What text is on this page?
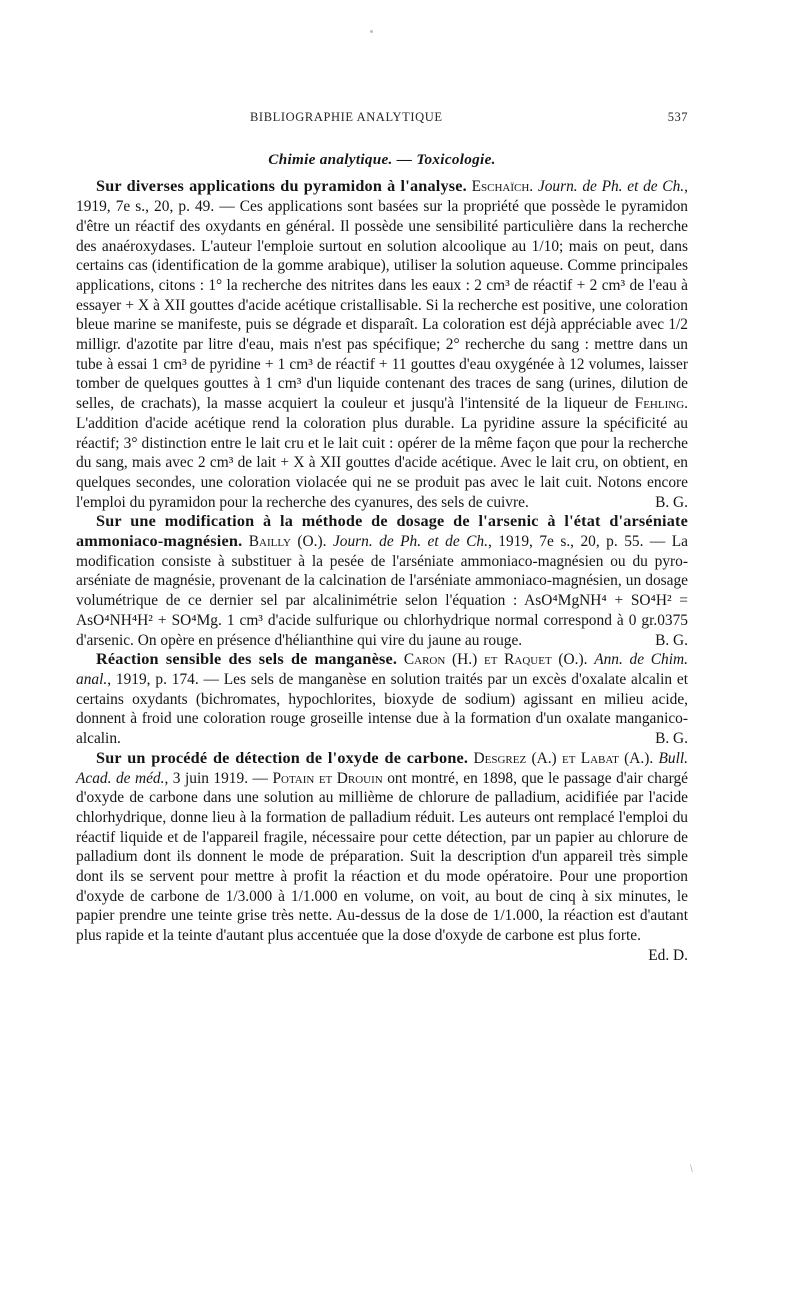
BIBLIOGRAPHIE ANALYTIQUE	537
Chimie analytique. — Toxicologie.

Sur diverses applications du pyramidon à l'analyse. Eschaïch. Journ. de Ph. et de Ch., 1919, 7e s., 20, p. 49. — Ces applications sont basées sur la propriété que possède le pyramidon d'être un réactif des oxydants en général. Il possède une sensibilité particulière dans la recherche des anaéroxydases. L'auteur l'emploie surtout en solution alcoolique au 1/10; mais on peut, dans certains cas (identification de la gomme arabique), utiliser la solution aqueuse. Comme principales applications, citons : 1° la recherche des nitrites dans les eaux : 2 cm³ de réactif + 2 cm³ de l'eau à essayer + X à XII gouttes d'acide acétique cristallisable. Si la recherche est positive, une coloration bleue marine se manifeste, puis se dégrade et disparaît. La coloration est déjà appréciable avec 1/2 milligr. d'azotite par litre d'eau, mais n'est pas spécifique; 2° recherche du sang : mettre dans un tube à essai 1 cm³ de pyridine + 1 cm³ de réactif + 11 gouttes d'eau oxygénée à 12 volumes, laisser tomber de quelques gouttes à 1 cm³ d'un liquide contenant des traces de sang (urines, dilution de selles, de crachats), la masse acquiert la couleur et jusqu'à l'intensité de la liqueur de Fehling. L'addition d'acide acétique rend la coloration plus durable. La pyridine assure la spécificité au réactif; 3° distinction entre le lait cru et le lait cuit : opérer de la même façon que pour la recherche du sang, mais avec 2 cm³ de lait + X à XII gouttes d'acide acétique. Avec le lait cru, on obtient, en quelques secondes, une coloration violacée qui ne se produit pas avec le lait cuit. Notons encore l'emploi du pyramidon pour la recherche des cyanures, des sels de cuivre.	B. G.

Sur une modification à la méthode de dosage de l'arsenic à l'état d'arséniate ammoniaco-magnésien. Bailly (O.). Journ. de Ph. et de Ch., 1919, 7e s., 20, p. 55. — La modification consiste à substituer à la pesée de l'arséniate ammoniaco-magnésien ou du pyro-arséniate de magnésie, provenant de la calcination de l'arséniate ammoniaco-magnésien, un dosage volumétrique de ce dernier sel par alcalinimétrie selon l'équation : AsO⁴MgNH⁴ + SO⁴H² = AsO⁴NH⁴H² + SO⁴Mg. 1 cm³ d'acide sulfurique ou chlorhydrique normal correspond à 0 gr.0375 d'arsenic. On opère en présence d'hélianthine qui vire du jaune au rouge.	B. G.

Réaction sensible des sels de manganèse. Caron (H.) et Raquet (O.). Ann. de Chim. anal., 1919, p. 174. — Les sels de manganèse en solution traités par un excès d'oxalate alcalin et certains oxydants (bichromates, hypochlorites, bioxyde de sodium) agissant en milieu acide, donnent à froid une coloration rouge groseille intense due à la formation d'un oxalate manganico-alcalin.	B. G.

Sur un procédé de détection de l'oxyde de carbone. Desgrez (A.) et Labat (A.). Bull. Acad. de méd., 3 juin 1919. — Potain et Drouin ont montré, en 1898, que le passage d'air chargé d'oxyde de carbone dans une solution au millième de chlorure de palladium, acidifiée par l'acide chlorhydrique, donne lieu à la formation de palladium réduit. Les auteurs ont remplacé l'emploi du réactif liquide et de l'appareil fragile, nécessaire pour cette détection, par un papier au chlorure de palladium dont ils donnent le mode de préparation. Suit la description d'un appareil très simple dont ils se servent pour mettre à profit la réaction et du mode opératoire. Pour une proportion d'oxyde de carbone de 1/3.000 à 1/1.000 en volume, on voit, au bout de cinq à six minutes, le papier prendre une teinte grise très nette. Au-dessus de la dose de 1/1.000, la réaction est d'autant plus rapide et la teinte d'autant plus accentuée que la dose d'oxyde de carbone est plus forte.
Ed. D.

\
